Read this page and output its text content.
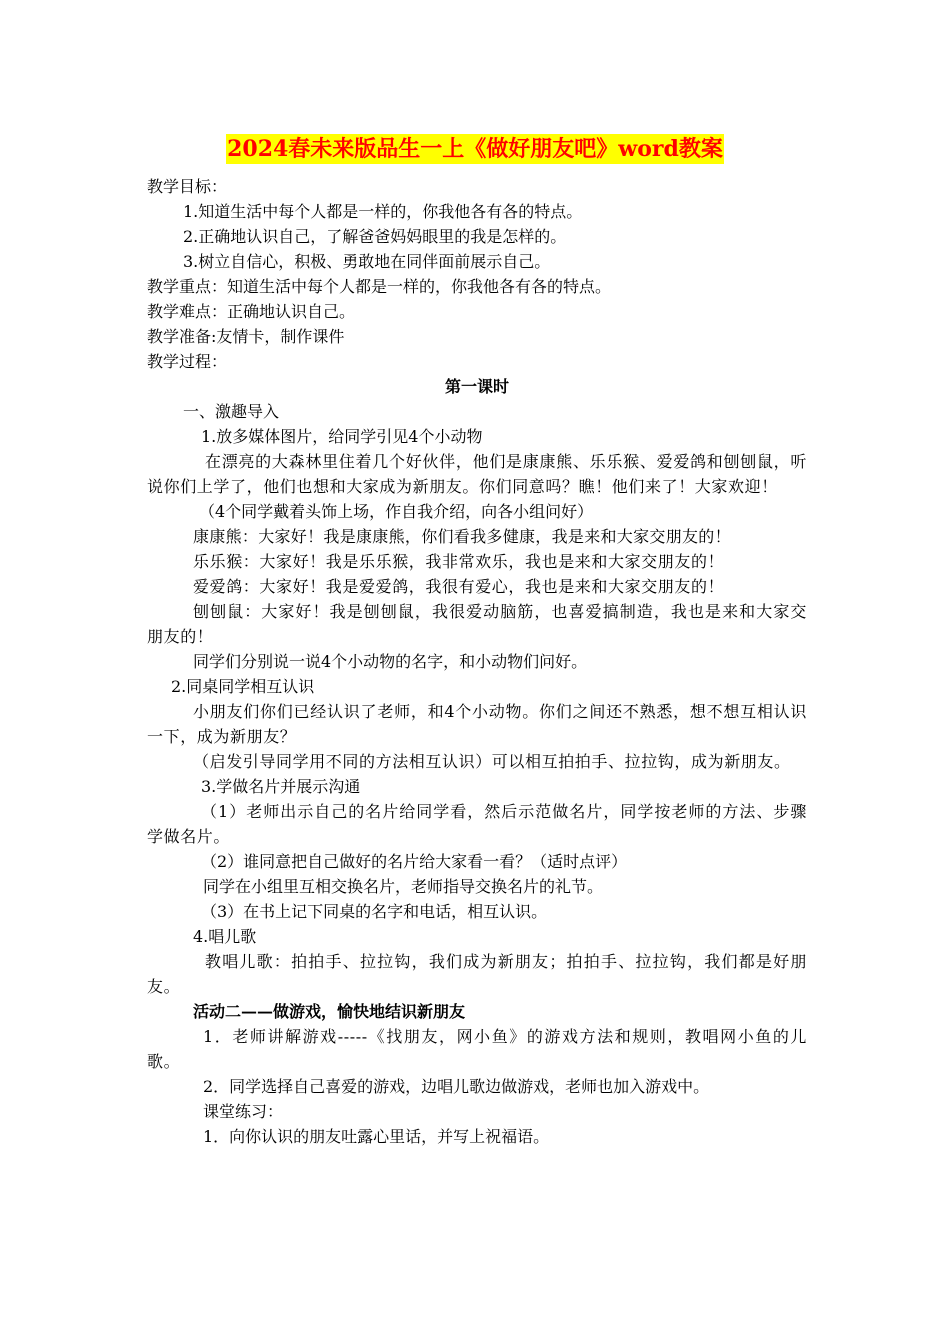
2024春未来版品生一上《做好朋友吧》word教案

教学目标：

1.知道生活中每个人都是一样的，你我他各有各的特点。

2.正确地认识自己，了解爸爸妈妈眼里的我是怎样的。

3.树立自信心，积极、勇敢地在同伴面前展示自己。

教学重点：知道生活中每个人都是一样的，你我他各有各的特点。

教学难点：正确地认识自己。

教学准备:友情卡，制作课件

教学过程：

第一课时

一、激趣导入

1.放多媒体图片，给同学引见4个小动物

在漂亮的大森林里住着几个好伙伴，他们是康康熊、乐乐猴、爱爱鸽和刨刨鼠，听说你们上学了，他们也想和大家成为新朋友。你们同意吗？瞧！他们来了！大家欢迎！

（4个同学戴着头饰上场，作自我介绍，向各小组问好）

康康熊：大家好！我是康康熊，你们看我多健康，我是来和大家交朋友的！

乐乐猴：大家好！我是乐乐猴，我非常欢乐，我也是来和大家交朋友的！

爱爱鸽：大家好！我是爱爱鸽，我很有爱心，我也是来和大家交朋友的！

刨刨鼠：大家好！我是刨刨鼠，我很爱动脑筋，也喜爱搞制造，我也是来和大家交朋友的！

同学们分别说一说4个小动物的名字，和小动物们问好。

2.同桌同学相互认识

小朋友们你们已经认识了老师，和4个小动物。你们之间还不熟悉，想不想互相认识一下，成为新朋友？

（启发引导同学用不同的方法相互认识）可以相互拍拍手、拉拉钩，成为新朋友。

3.学做名片并展示沟通

（1）老师出示自己的名片给同学看，然后示范做名片，同学按老师的方法、步骤学做名片。

（2）谁同意把自己做好的名片给大家看一看？（适时点评）

同学在小组里互相交换名片，老师指导交换名片的礼节。

（3）在书上记下同桌的名字和电话，相互认识。

4.唱儿歌

教唱儿歌：拍拍手、拉拉钩，我们成为新朋友；拍拍手、拉拉钩，我们都是好朋友。

活动二——做游戏，愉快地结识新朋友

1．老师讲解游戏-----《找朋友，网小鱼》的游戏方法和规则，教唱网小鱼的儿歌。

2．同学选择自己喜爱的游戏，边唱儿歌边做游戏，老师也加入游戏中。

课堂练习：

1．向你认识的朋友吐露心里话，并写上祝福语。
